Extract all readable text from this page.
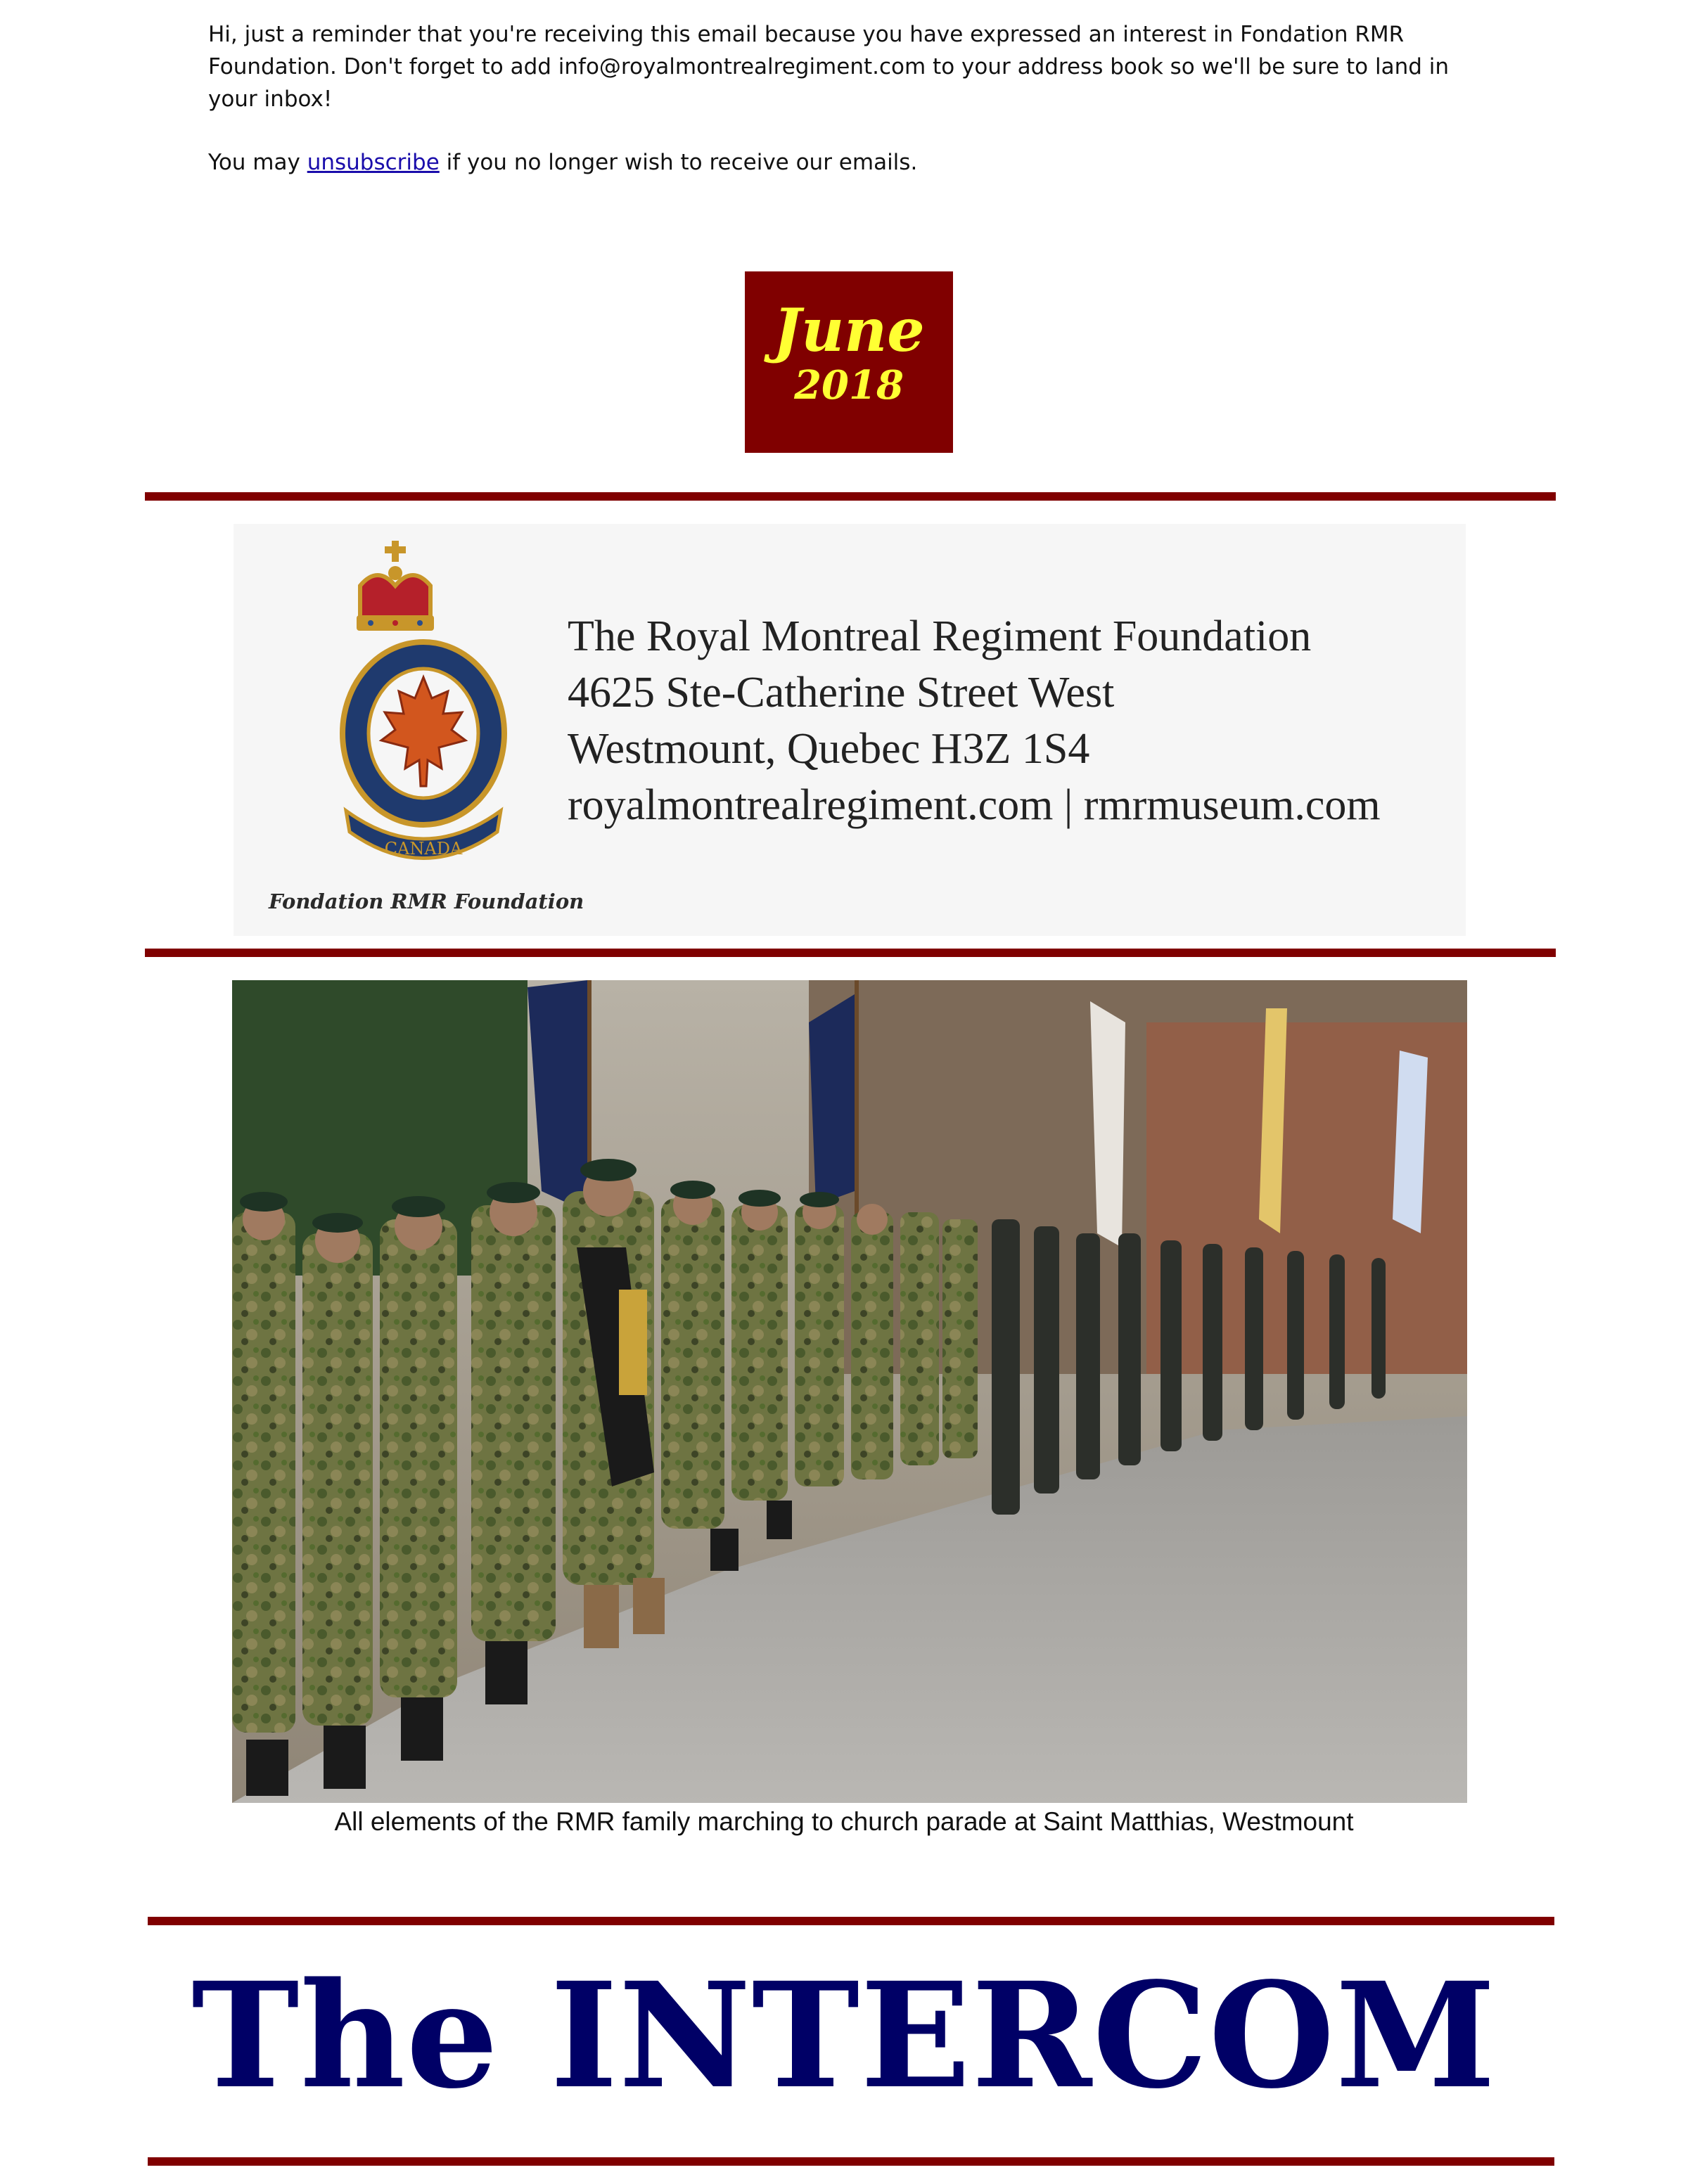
Hi, just a reminder that you're receiving this email because you have expressed an interest in Fondation RMR Foundation. Don't forget to add info@royalmontrealregiment.com to your address book so we'll be sure to land in your inbox!

You may unsubscribe if you no longer wish to receive our emails.

June
2018
CANADA
Fondation RMR Foundation
The Royal Montreal Regiment Foundation
4625 Ste-Catherine Street West
Westmount, Quebec H3Z 1S4
royalmontrealregiment.com | rmrmuseum.com
All elements of the RMR family marching to church parade at Saint Matthias, Westmount
The INTERCOM
